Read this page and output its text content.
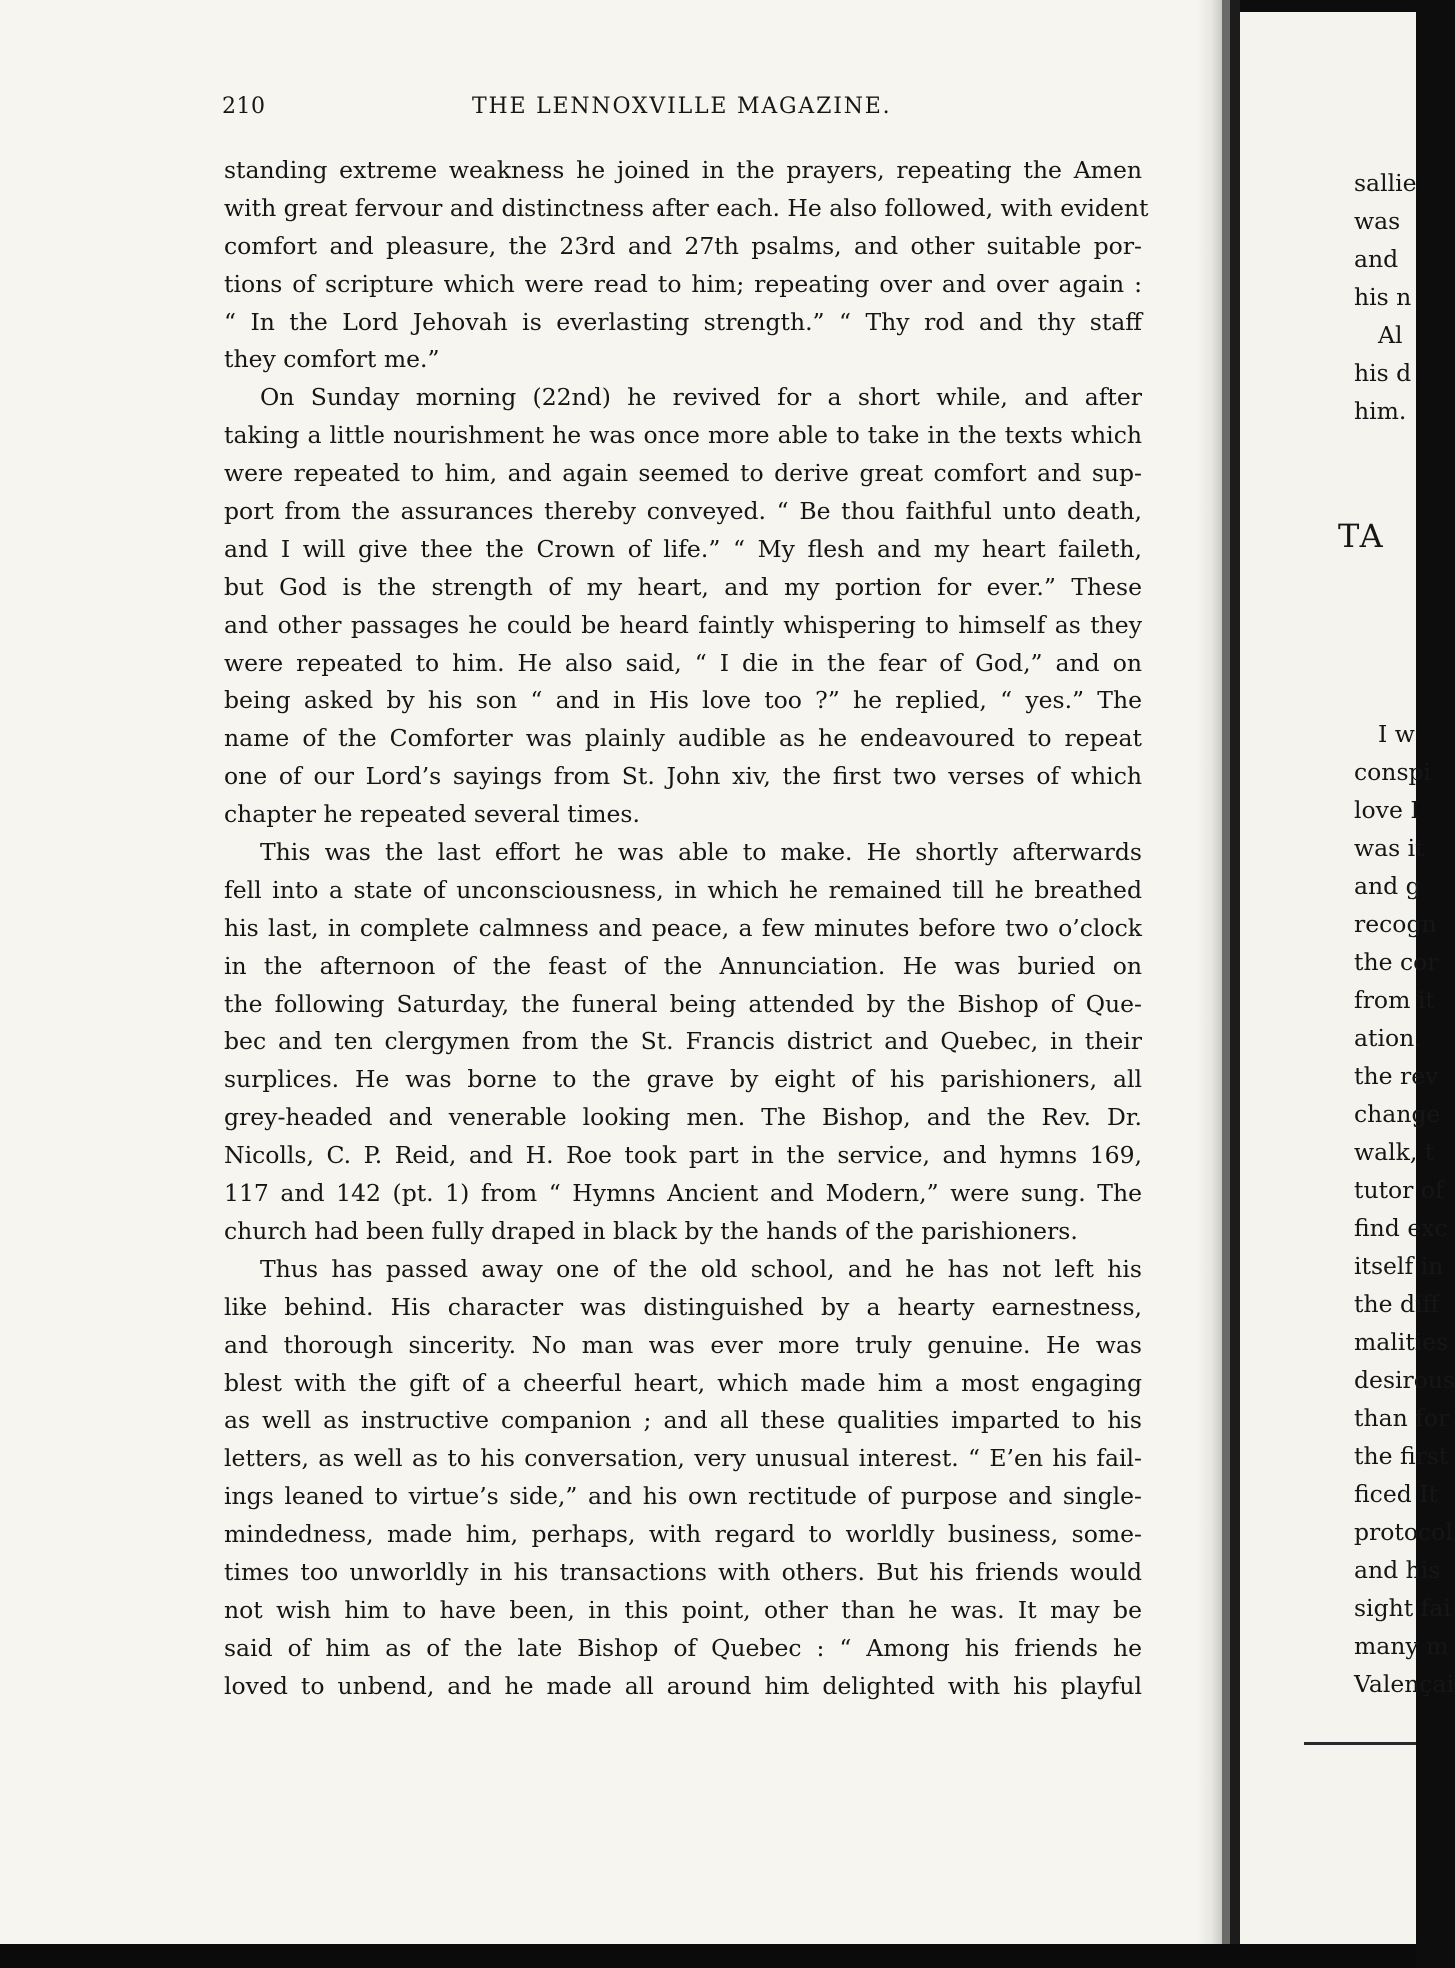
210	THE LENNOXVILLE MAGAZINE.
standing extreme weakness he joined in the prayers, repeating the Amen
with great fervour and distinctness after each. He also followed, with evident
comfort and pleasure, the 23rd and 27th psalms, and other suitable por-
tions of scripture which were read to him; repeating over and over again :
“ In the Lord Jehovah is everlasting strength.” “ Thy rod and thy staff
they comfort me.”
On Sunday morning (22nd) he revived for a short while, and after
taking a little nourishment he was once more able to take in the texts which
were repeated to him, and again seemed to derive great comfort and sup-
port from the assurances thereby conveyed. “ Be thou faithful unto death,
and I will give thee the Crown of life.” “ My flesh and my heart faileth,
but God is the strength of my heart, and my portion for ever.” These
and other passages he could be heard faintly whispering to himself as they
were repeated to him. He also said, “ I die in the fear of God,” and on
being asked by his son “ and in His love too ?” he replied, “ yes.” The
name of the Comforter was plainly audible as he endeavoured to repeat
one of our Lord’s sayings from St. John xiv, the first two verses of which
chapter he repeated several times.
This was the last effort he was able to make. He shortly afterwards
fell into a state of unconsciousness, in which he remained till he breathed
his last, in complete calmness and peace, a few minutes before two o’clock
in the afternoon of the feast of the Annunciation. He was buried on
the following Saturday, the funeral being attended by the Bishop of Que-
bec and ten clergymen from the St. Francis district and Quebec, in their
surplices. He was borne to the grave by eight of his parishioners, all
grey-headed and venerable looking men. The Bishop, and the Rev. Dr.
Nicolls, C. P. Reid, and H. Roe took part in the service, and hymns 169,
117 and 142 (pt. 1) from “ Hymns Ancient and Modern,” were sung. The
church had been fully draped in black by the hands of the parishioners.
Thus has passed away one of the old school, and he has not left his
like behind. His character was distinguished by a hearty earnestness,
and thorough sincerity. No man was ever more truly genuine. He was
blest with the gift of a cheerful heart, which made him a most engaging
as well as instructive companion ; and all these qualities imparted to his
letters, as well as to his conversation, very unusual interest. “ E’en his fail-
ings leaned to virtue’s side,” and his own rectitude of purpose and single-
mindedness, made him, perhaps, with regard to worldly business, some-
times too unworldly in his transactions with others. But his friends would
not wish him to have been, in this point, other than he was. It may be
said of him as of the late Bishop of Quebec : “ Among his friends he
loved to unbend, and he made all around him delighted with his playful
sallie
was
and
his n
Al
his d
him.
TA
I w
conspi
love I
was it
and g
recogn
the cor
from it
ation.
the rev
change
walk, t
tutor of
find exc
itself in
the diff
malities
desirous
than for
the first
ficed It
protocol
and his
sight fai
many m
Valençai
